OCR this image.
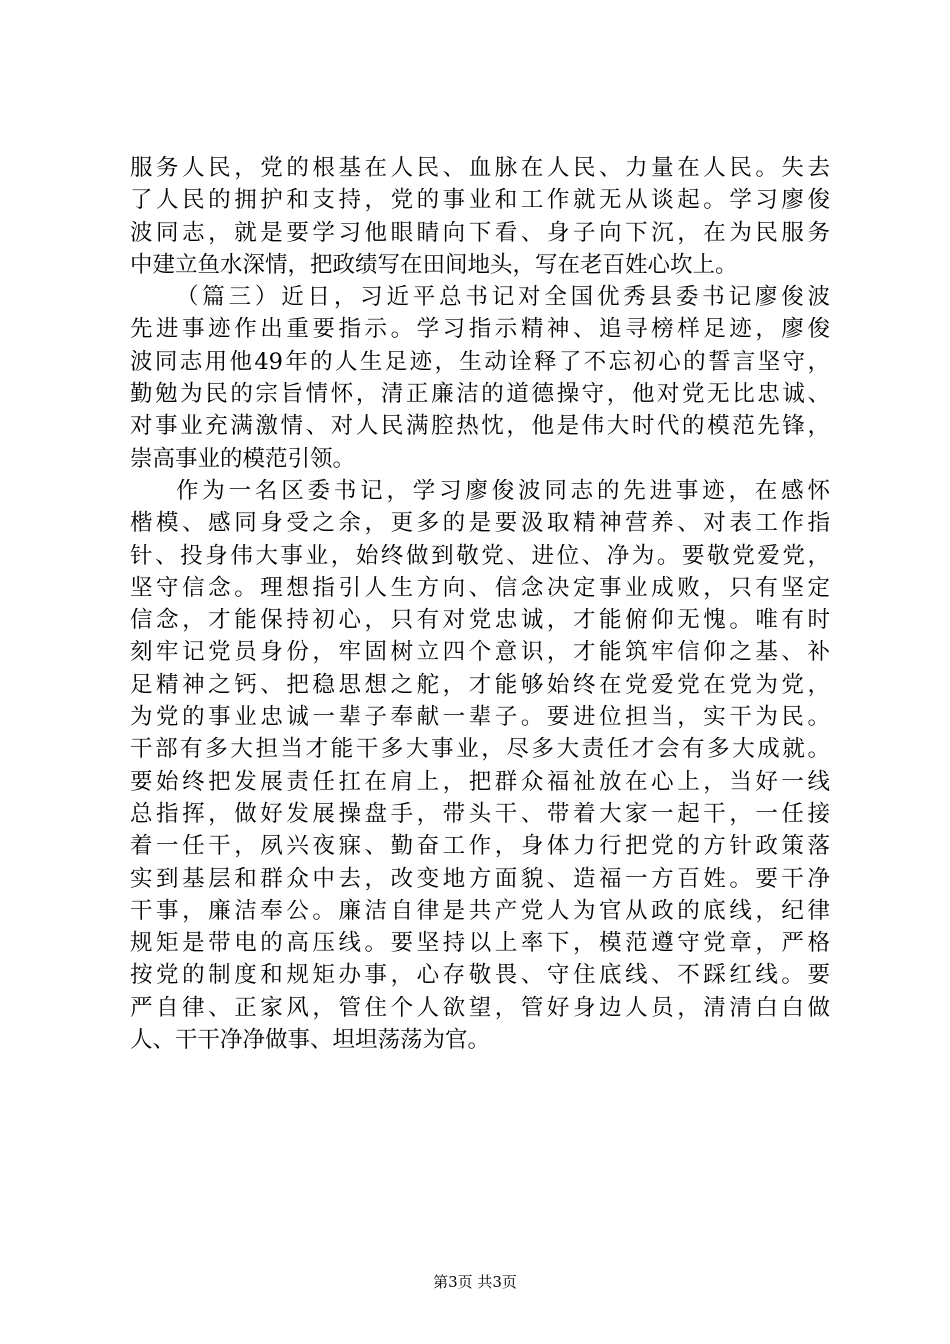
服务人民，党的根基在人民、血脉在人民、力量在人民。失去
了人民的拥护和支持，党的事业和工作就无从谈起。学习廖俊
波同志，就是要学习他眼睛向下看、身子向下沉，在为民服务
中建立鱼水深情，把政绩写在田间地头，写在老百姓心坎上。
（篇三）近日，习近平总书记对全国优秀县委书记廖俊波
先进事迹作出重要指示。学习指示精神、追寻榜样足迹，廖俊
波同志用他49年的人生足迹，生动诠释了不忘初心的誓言坚守，
勤勉为民的宗旨情怀，清正廉洁的道德操守，他对党无比忠诚、
对事业充满激情、对人民满腔热忱，他是伟大时代的模范先锋，
崇高事业的模范引领。
作为一名区委书记，学习廖俊波同志的先进事迹，在感怀
楷模、感同身受之余，更多的是要汲取精神营养、对表工作指
针、投身伟大事业，始终做到敬党、进位、净为。要敬党爱党，
坚守信念。理想指引人生方向、信念决定事业成败，只有坚定
信念，才能保持初心，只有对党忠诚，才能俯仰无愧。唯有时
刻牢记党员身份，牢固树立四个意识，才能筑牢信仰之基、补
足精神之钙、把稳思想之舵，才能够始终在党爱党在党为党，
为党的事业忠诚一辈子奉献一辈子。要进位担当，实干为民。
干部有多大担当才能干多大事业，尽多大责任才会有多大成就。
要始终把发展责任扛在肩上，把群众福祉放在心上，当好一线
总指挥，做好发展操盘手，带头干、带着大家一起干，一任接
着一任干，夙兴夜寐、勤奋工作，身体力行把党的方针政策落
实到基层和群众中去，改变地方面貌、造福一方百姓。要干净
干事，廉洁奉公。廉洁自律是共产党人为官从政的底线，纪律
规矩是带电的高压线。要坚持以上率下，模范遵守党章，严格
按党的制度和规矩办事，心存敬畏、守住底线、不踩红线。要
严自律、正家风，管住个人欲望，管好身边人员，清清白白做
人、干干净净做事、坦坦荡荡为官。
第3页 共3页
